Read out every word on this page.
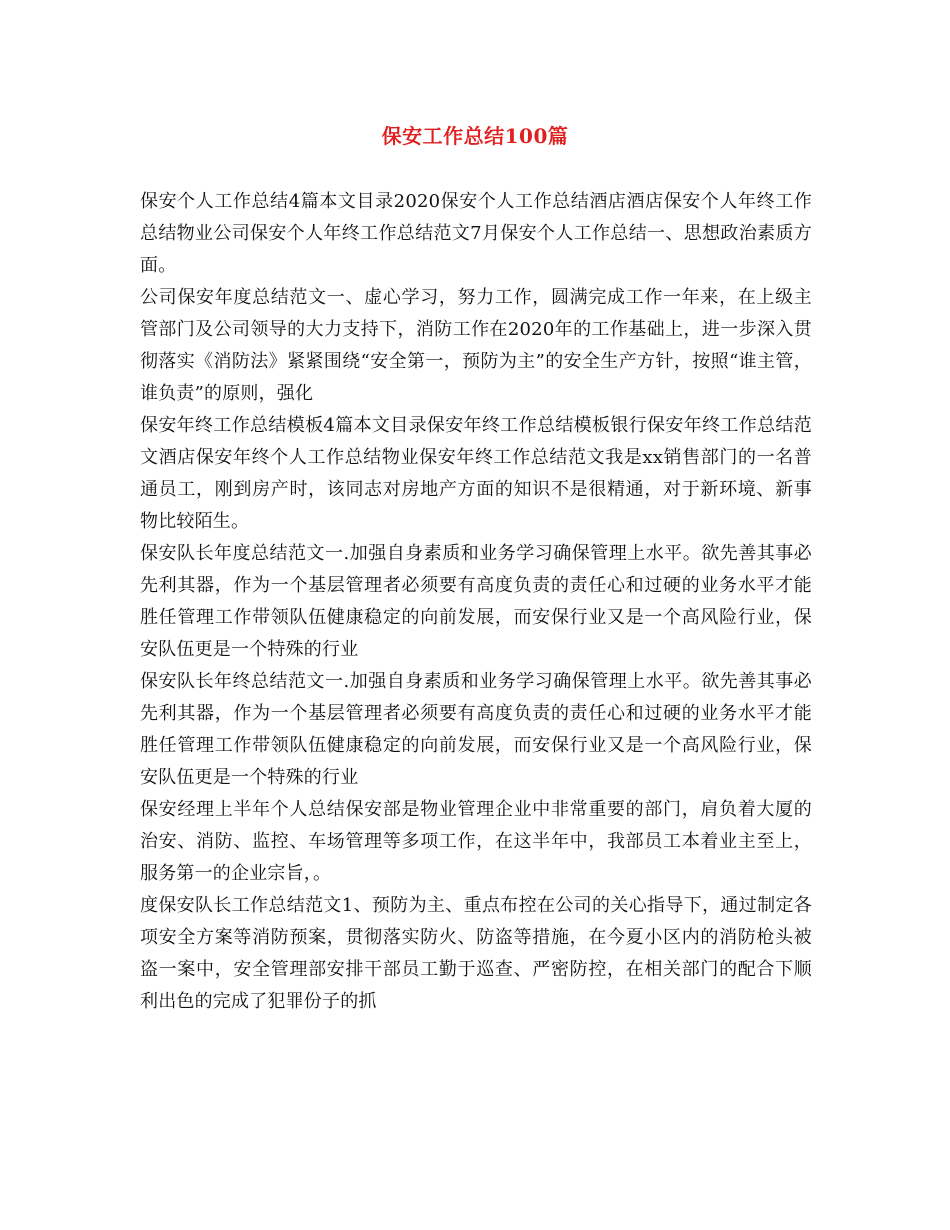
保安工作总结100篇

保安个人工作总结4篇本文目录2020保安个人工作总结酒店酒店保安个人年终工作总结物业公司保安个人年终工作总结范文7月保安个人工作总结一、思想政治素质方面。

公司保安年度总结范文一、虚心学习，努力工作，圆满完成工作一年来，在上级主管部门及公司领导的大力支持下，消防工作在2020年的工作基础上，进一步深入贯彻落实《消防法》紧紧围绕“安全第一，预防为主”的安全生产方针，按照“谁主管，谁负责”的原则，强化

保安年终工作总结模板4篇本文目录保安年终工作总结模板银行保安年终工作总结范文酒店保安年终个人工作总结物业保安年终工作总结范文我是xx销售部门的一名普通员工，刚到房产时，该同志对房地产方面的知识不是很精通，对于新环境、新事物比较陌生。

保安队长年度总结范文一.加强自身素质和业务学习确保管理上水平。欲先善其事必先利其器，作为一个基层管理者必须要有高度负责的责任心和过硬的业务水平才能胜任管理工作带领队伍健康稳定的向前发展，而安保行业又是一个高风险行业，保安队伍更是一个特殊的行业

保安队长年终总结范文一.加强自身素质和业务学习确保管理上水平。欲先善其事必先利其器，作为一个基层管理者必须要有高度负责的责任心和过硬的业务水平才能胜任管理工作带领队伍健康稳定的向前发展，而安保行业又是一个高风险行业，保安队伍更是一个特殊的行业

保安经理上半年个人总结保安部是物业管理企业中非常重要的部门，肩负着大厦的治安、消防、监控、车场管理等多项工作，在这半年中，我部员工本着业主至上，服务第一的企业宗旨，。

度保安队长工作总结范文1、预防为主、重点布控在公司的关心指导下，通过制定各项安全方案等消防预案，贯彻落实防火、防盗等措施，在今夏小区内的消防枪头被盗一案中，安全管理部安排干部员工勤于巡查、严密防控，在相关部门的配合下顺利出色的完成了犯罪份子的抓
